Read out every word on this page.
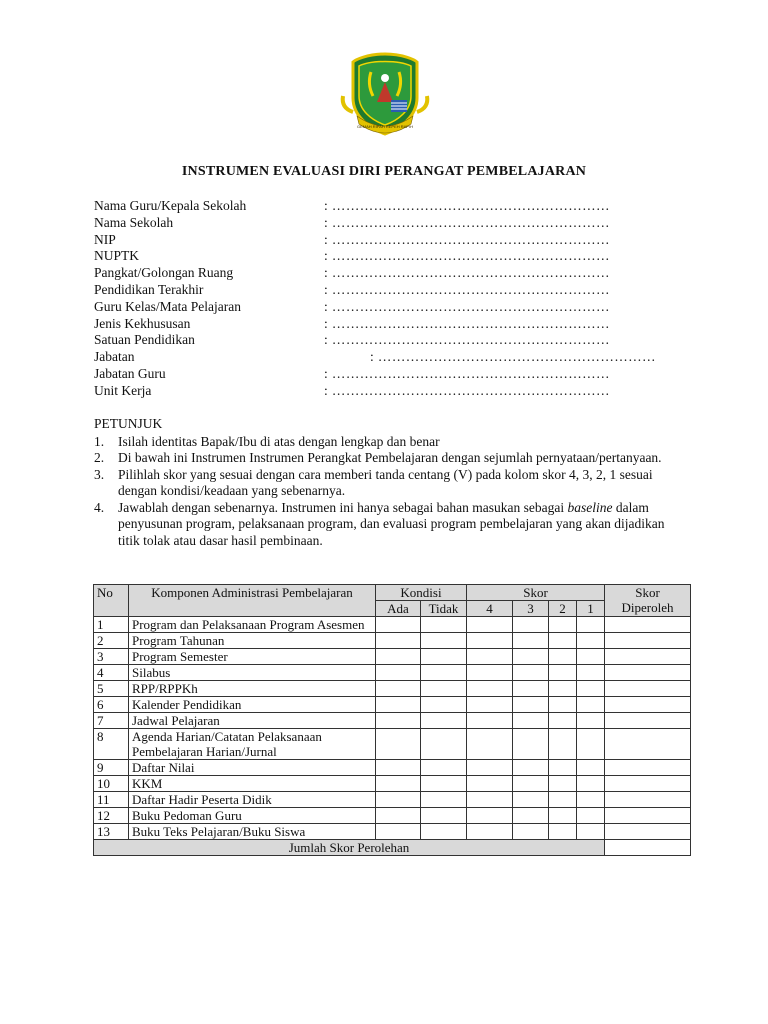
GEMAH RIPAH REPEH RAPIH
INSTRUMEN EVALUASI DIRI PERANGAT PEMBELAJARAN
Nama Guru/Kepala Sekolah	: ……………………………………………………
Nama Sekolah	: ……………………………………………………
NIP	: ……………………………………………………
NUPTK	: ……………………………………………………
Pangkat/Golongan Ruang	: ……………………………………………………
Pendidikan Terakhir	: ……………………………………………………
Guru Kelas/Mata Pelajaran	: ……………………………………………………
Jenis Kekhususan	: ……………………………………………………
Satuan Pendidikan	: ……………………………………………………
Jabatan	: ……………………………………………………
Jabatan Guru	: ……………………………………………………
Unit Kerja	: ……………………………………………………
PETUNJUK

1. Isilah identitas Bapak/Ibu di atas dengan lengkap dan benar

2. Di bawah ini Instrumen Instrumen Perangkat Pembelajaran dengan sejumlah pernyataan/pertanyaan.

3. Pilihlah skor yang sesuai dengan cara memberi tanda centang (V) pada kolom skor 4, 3, 2, 1 sesuai dengan kondisi/keadaan yang sebenarnya.

4. Jawablah dengan sebenarnya. Instrumen ini hanya sebagai bahan masukan sebagai baseline dalam penyusunan program, pelaksanaan program, dan evaluasi program pembelajaran yang akan dijadikan titik tolak atau dasar hasil pembinaan.

No	Komponen Administrasi Pembelajaran	Kondisi		Skor				Skor Diperoleh
		Ada	Tidak	4	3	2	1	
1	Program dan Pelaksanaan Program Asesmen							
2	Program Tahunan							
3	Program Semester							
4	Silabus							
5	RPP/RPPKh							
6	Kalender Pendidikan							
7	Jadwal Pelajaran							
8	Agenda Harian/Catatan Pelaksanaan Pembelajaran Harian/Jurnal							
9	Daftar Nilai							
10	KKM							
11	Daftar Hadir Peserta Didik							
12	Buku Pedoman Guru							
13	Buku Teks Pelajaran/Buku Siswa							
Jumlah Skor Perolehan								
